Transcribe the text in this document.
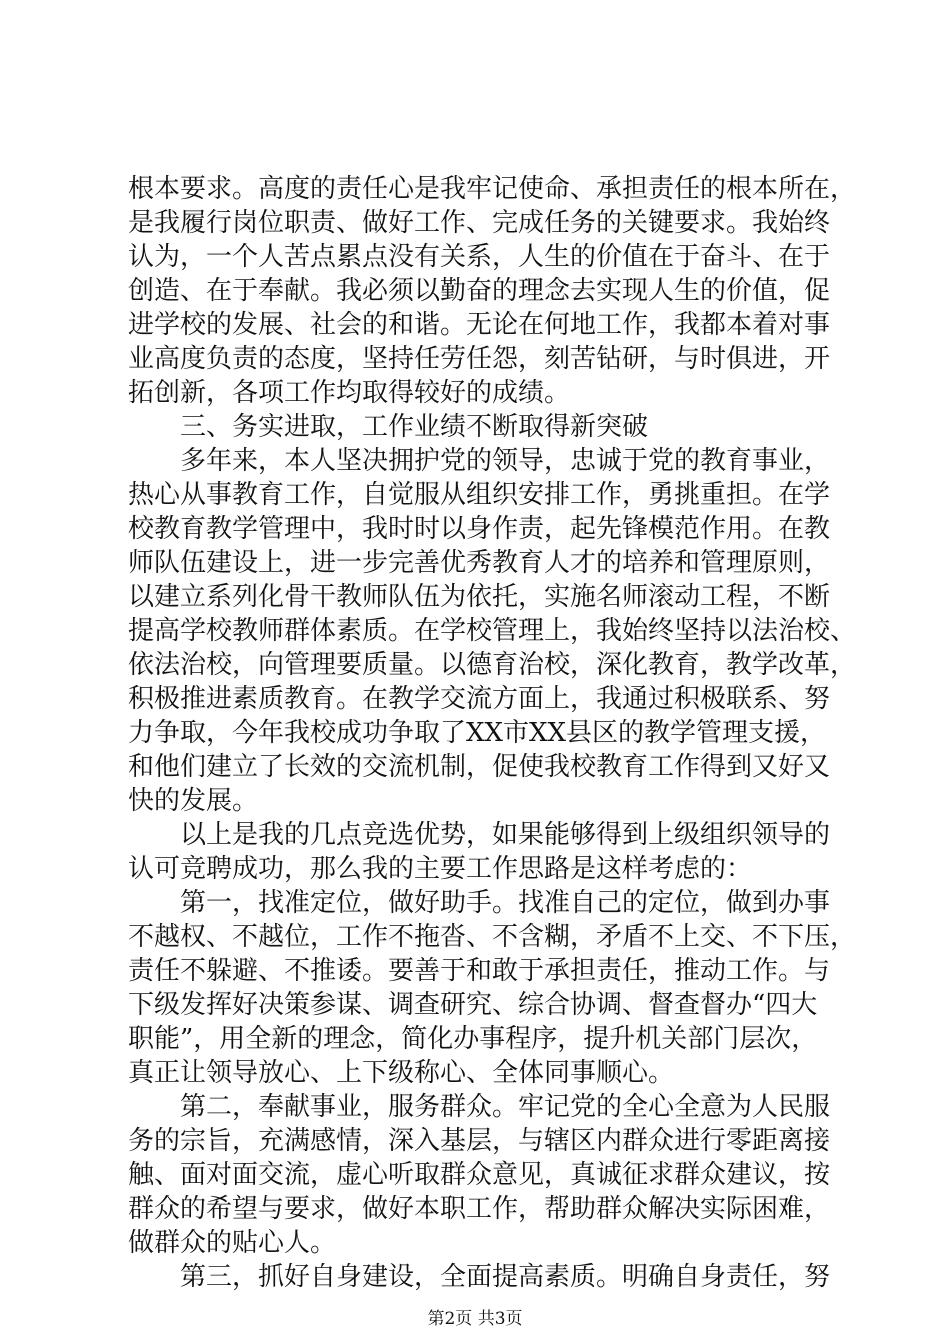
根本要求。高度的责任心是我牢记使命、承担责任的根本所在，
是我履行岗位职责、做好工作、完成任务的关键要求。我始终
认为，一个人苦点累点没有关系，人生的价值在于奋斗、在于
创造、在于奉献。我必须以勤奋的理念去实现人生的价值，促
进学校的发展、社会的和谐。无论在何地工作，我都本着对事
业高度负责的态度，坚持任劳任怨，刻苦钻研，与时俱进，开
拓创新，各项工作均取得较好的成绩。
三、务实进取，工作业绩不断取得新突破
多年来，本人坚决拥护党的领导，忠诚于党的教育事业，
热心从事教育工作，自觉服从组织安排工作，勇挑重担。在学
校教育教学管理中，我时时以身作责，起先锋模范作用。在教
师队伍建设上，进一步完善优秀教育人才的培养和管理原则，
以建立系列化骨干教师队伍为依托，实施名师滚动工程，不断
提高学校教师群体素质。在学校管理上，我始终坚持以法治校、
依法治校，向管理要质量。以德育治校，深化教育，教学改革，
积极推进素质教育。在教学交流方面上，我通过积极联系、努
力争取，今年我校成功争取了XX市XX县区的教学管理支援，
和他们建立了长效的交流机制，促使我校教育工作得到又好又
快的发展。
以上是我的几点竞选优势，如果能够得到上级组织领导的
认可竞聘成功，那么我的主要工作思路是这样考虑的：
第一，找准定位，做好助手。找准自己的定位，做到办事
不越权、不越位，工作不拖沓、不含糊，矛盾不上交、不下压，
责任不躲避、不推诿。要善于和敢于承担责任，推动工作。与
下级发挥好决策参谋、调查研究、综合协调、督查督办“四大
职能”，用全新的理念，简化办事程序，提升机关部门层次，
真正让领导放心、上下级称心、全体同事顺心。
第二，奉献事业，服务群众。牢记党的全心全意为人民服
务的宗旨，充满感情，深入基层，与辖区内群众进行零距离接
触、面对面交流，虚心听取群众意见，真诚征求群众建议，按
群众的希望与要求，做好本职工作，帮助群众解决实际困难，
做群众的贴心人。
第三，抓好自身建设，全面提高素质。明确自身责任，努
第2页 共3页
